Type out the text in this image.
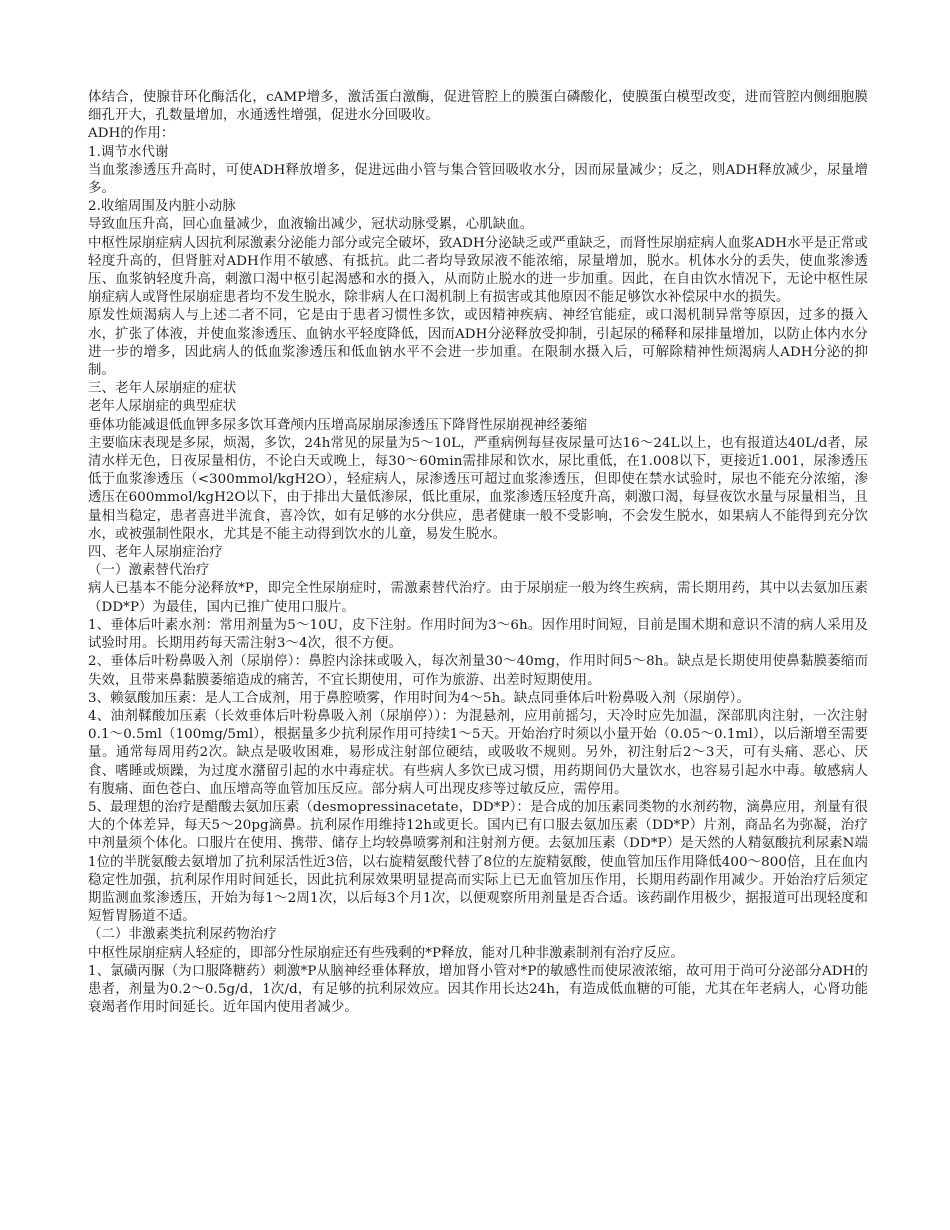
体结合，使腺苷环化酶活化，cAMP增多，激活蛋白激酶，促进管腔上的膜蛋白磷酸化，使膜蛋白模型改变，进而管腔内侧细胞膜细孔开大，孔数量增加，水通透性增强，促进水分回吸收。

ADH的作用：

1.调节水代谢

当血浆渗透压升高时，可使ADH释放增多，促进远曲小管与集合管回吸收水分，因而尿量减少；反之，则ADH释放减少，尿量增多。

2.收缩周围及内脏小动脉

导致血压升高，回心血量减少，血液输出减少，冠状动脉受累，心肌缺血。

中枢性尿崩症病人因抗利尿激素分泌能力部分或完全破坏，致ADH分泌缺乏或严重缺乏，而肾性尿崩症病人血浆ADH水平是正常或轻度升高的，但肾脏对ADH作用不敏感、有抵抗。此二者均导致尿液不能浓缩，尿量增加，脱水。机体水分的丢失，使血浆渗透压、血浆钠轻度升高，刺激口渴中枢引起渴感和水的摄入，从而防止脱水的进一步加重。因此，在自由饮水情况下，无论中枢性尿崩症病人或肾性尿崩症患者均不发生脱水，除非病人在口渴机制上有损害或其他原因不能足够饮水补偿尿中水的损失。

原发性烦渴病人与上述二者不同，它是由于患者习惯性多饮，或因精神疾病、神经官能症，或口渴机制异常等原因，过多的摄入水，扩张了体液，并使血浆渗透压、血钠水平轻度降低，因而ADH分泌释放受抑制，引起尿的稀释和尿排量增加，以防止体内水分进一步的增多，因此病人的低血浆渗透压和低血钠水平不会进一步加重。在限制水摄入后，可解除精神性烦渴病人ADH分泌的抑制。

三、老年人尿崩症的症状

老年人尿崩症的典型症状

垂体功能减退低血钾多尿多饮耳聋颅内压增高尿崩尿渗透压下降肾性尿崩视神经萎缩

主要临床表现是多尿，烦渴，多饮，24h常见的尿量为5～10L，严重病例每昼夜尿量可达16～24L以上，也有报道达40L/d者，尿清水样无色，日夜尿量相仿，不论白天或晚上，每30～60min需排尿和饮水，尿比重低，在1.008以下，更接近1.001，尿渗透压低于血浆渗透压（<300mmol/kgH2O），轻症病人，尿渗透压可超过血浆渗透压，但即使在禁水试验时，尿也不能充分浓缩，渗透压在600mmol/kgH2O以下，由于排出大量低渗尿，低比重尿，血浆渗透压轻度升高，刺激口渴，每昼夜饮水量与尿量相当，且量相当稳定，患者喜进半流食，喜冷饮，如有足够的水分供应，患者健康一般不受影响，不会发生脱水，如果病人不能得到充分饮水，或被强制性限水，尤其是不能主动得到饮水的儿童，易发生脱水。

四、老年人尿崩症治疗

（一）激素替代治疗

病人已基本不能分泌释放*P，即完全性尿崩症时，需激素替代治疗。由于尿崩症一般为终生疾病，需长期用药，其中以去氨加压素（DD*P）为最佳，国内已推广使用口服片。

1、垂体后叶素水剂：常用剂量为5～10U，皮下注射。作用时间为3～6h。因作用时间短，目前是围术期和意识不清的病人采用及试验时用。长期用药每天需注射3～4次，很不方便。

2、垂体后叶粉鼻吸入剂（尿崩停）：鼻腔内涂抹或吸入，每次剂量30～40mg，作用时间5～8h。缺点是长期使用使鼻黏膜萎缩而失效，且带来鼻黏膜萎缩造成的痛苦，不宜长期使用，可作为旅游、出差时短期使用。

3、赖氨酸加压素：是人工合成剂，用于鼻腔喷雾，作用时间为4～5h。缺点同垂体后叶粉鼻吸入剂（尿崩停）。

4、油剂鞣酸加压素（长效垂体后叶粉鼻吸入剂（尿崩停））：为混悬剂，应用前摇匀，天冷时应先加温，深部肌肉注射，一次注射0.1～0.5ml（100mg/5ml），根据量多少抗利尿作用可持续1～5天。开始治疗时须以小量开始（0.05～0.1ml），以后渐增至需要量。通常每周用药2次。缺点是吸收困难，易形成注射部位硬结，或吸收不规则。另外，初注射后2～3天，可有头痛、恶心、厌食、嗜睡或烦躁，为过度水潴留引起的水中毒症状。有些病人多饮已成习惯，用药期间仍大量饮水，也容易引起水中毒。敏感病人有腹痛、面色苍白、血压增高等血管加压反应。部分病人可出现皮疹等过敏反应，需停用。

5、最理想的治疗是醋酸去氨加压素（desmopressinacetate，DD*P）：是合成的加压素同类物的水剂药物，滴鼻应用，剂量有很大的个体差异，每天5～20pg滴鼻。抗利尿作用维持12h或更长。国内已有口服去氨加压素（DD*P）片剂，商品名为弥凝，治疗中剂量须个体化。口服片在使用、携带、储存上均较鼻喷雾剂和注射剂方便。去氨加压素（DD*P）是天然的人精氨酸抗利尿素N端1位的半胱氨酸去氨增加了抗利尿活性近3倍，以右旋精氨酸代替了8位的左旋精氨酸，使血管加压作用降低400～800倍，且在血内稳定性加强，抗利尿作用时间延长，因此抗利尿效果明显提高而实际上已无血管加压作用，长期用药副作用减少。开始治疗后须定期监测血浆渗透压，开始为每1～2周1次，以后每3个月1次，以便观察所用剂量是否合适。该药副作用极少，据报道可出现轻度和短暂胃肠道不适。

（二）非激素类抗利尿药物治疗

中枢性尿崩症病人轻症的，即部分性尿崩症还有些残剩的*P释放，能对几种非激素制剂有治疗反应。

1、氯磺丙脲（为口服降糖药）刺激*P从脑神经垂体释放，增加肾小管对*P的敏感性而使尿液浓缩，故可用于尚可分泌部分ADH的患者，剂量为0.2～0.5g/d，1次/d，有足够的抗利尿效应。因其作用长达24h，有造成低血糖的可能，尤其在年老病人，心肾功能衰竭者作用时间延长。近年国内使用者减少。
